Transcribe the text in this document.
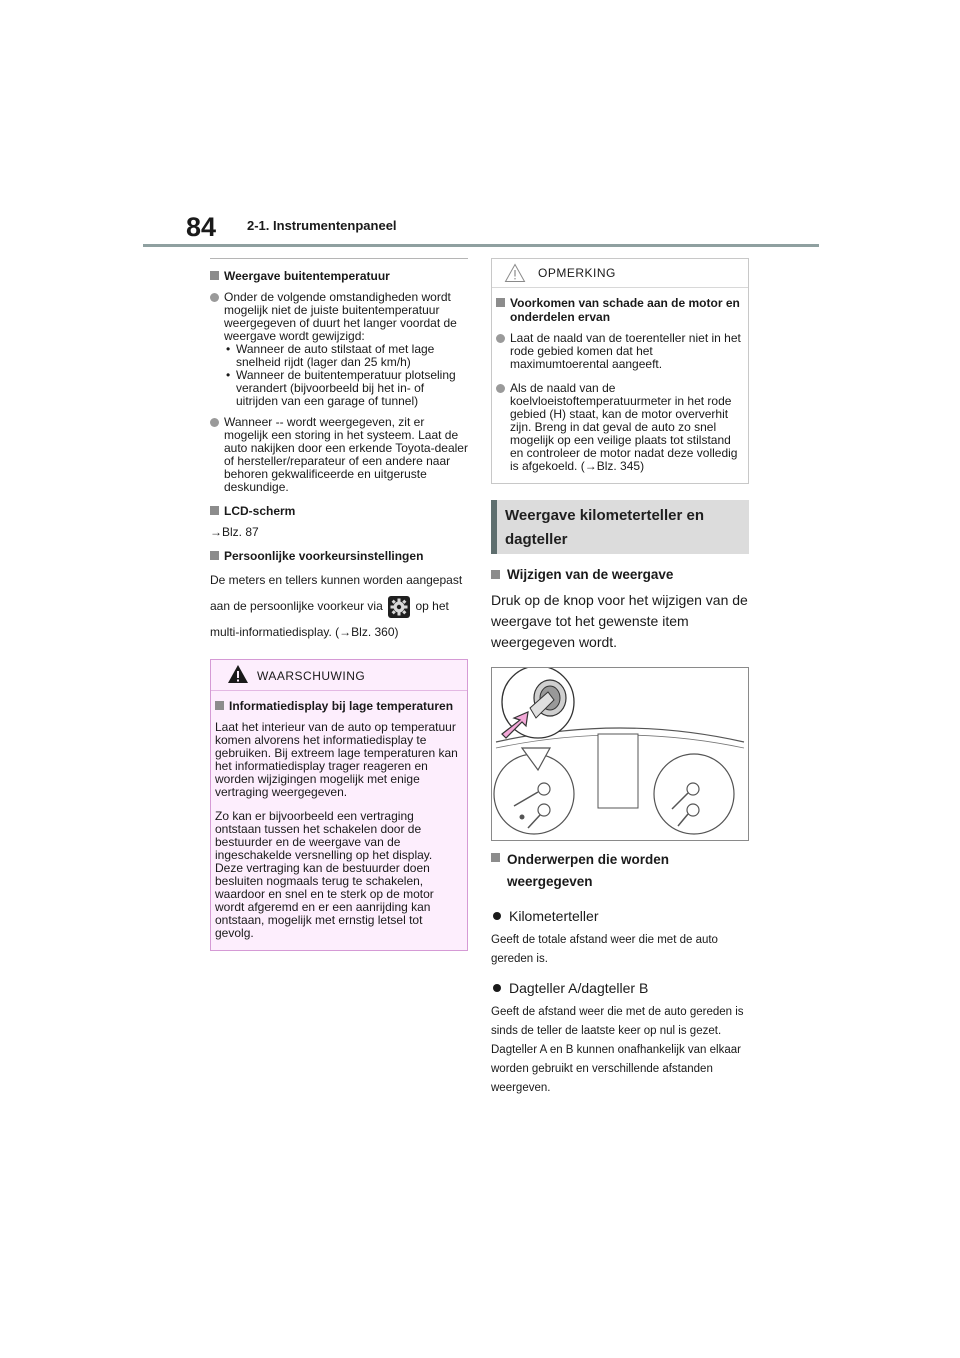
84 2-1. Instrumentenpaneel
Weergave buitentemperatuur
Onder de volgende omstandigheden wordt mogelijk niet de juiste buitentemperatuur weergegeven of duurt het langer voordat de weergave wordt gewijzigd:
• Wanneer de auto stilstaat of met lage snelheid rijdt (lager dan 25 km/h)
• Wanneer de buitentemperatuur plotseling verandert (bijvoorbeeld bij het in- of uitrijden van een garage of tunnel)
Wanneer -- wordt weergegeven, zit er mogelijk een storing in het systeem. Laat de auto nakijken door een erkende Toyota-dealer of hersteller/reparateur of een andere naar behoren gekwalificeerde en uitgeruste deskundige.
LCD-scherm
→Blz. 87
Persoonlijke voorkeursinstellingen
De meters en tellers kunnen worden aangepast aan de persoonlijke voorkeur via	op het multi-informatiedisplay. (→Blz. 360)
WAARSCHUWING
Informatiedisplay bij lage temperaturen
Laat het interieur van de auto op temperatuur komen alvorens het informatiedisplay te gebruiken. Bij extreem lage temperaturen kan het informatiedisplay trager reageren en worden wijzigingen mogelijk met enige vertraging weergegeven.
Zo kan er bijvoorbeeld een vertraging ontstaan tussen het schakelen door de bestuurder en de weergave van de ingeschakelde versnelling op het display. Deze vertraging kan de bestuurder doen besluiten nogmaals terug te schakelen, waardoor en snel en te sterk op de motor wordt afgeremd en er een aanrijding kan ontstaan, mogelijk met ernstig letsel tot gevolg.
OPMERKING
Voorkomen van schade aan de motor en onderdelen ervan
Laat de naald van de toerenteller niet in het rode gebied komen dat het maximumtoerental aangeeft.
Als de naald van de koelvloeistoftemperatuurmeter in het rode gebied (H) staat, kan de motor oververhit zijn. Breng in dat geval de auto zo snel mogelijk op een veilige plaats tot stilstand en controleer de motor nadat deze volledig is afgekoeld. (→Blz. 345)
Weergave kilometerteller en dagteller
Wijzigen van de weergave
Druk op de knop voor het wijzigen van de weergave tot het gewenste item weergegeven wordt.
Onderwerpen die worden weergegeven
Kilometerteller
Geeft de totale afstand weer die met de auto gereden is.
Dagteller A/dagteller B
Geeft de afstand weer die met de auto gereden is sinds de teller de laatste keer op nul is gezet. Dagteller A en B kunnen onafhankelijk van elkaar worden gebruikt en verschillende afstanden weergeven.
